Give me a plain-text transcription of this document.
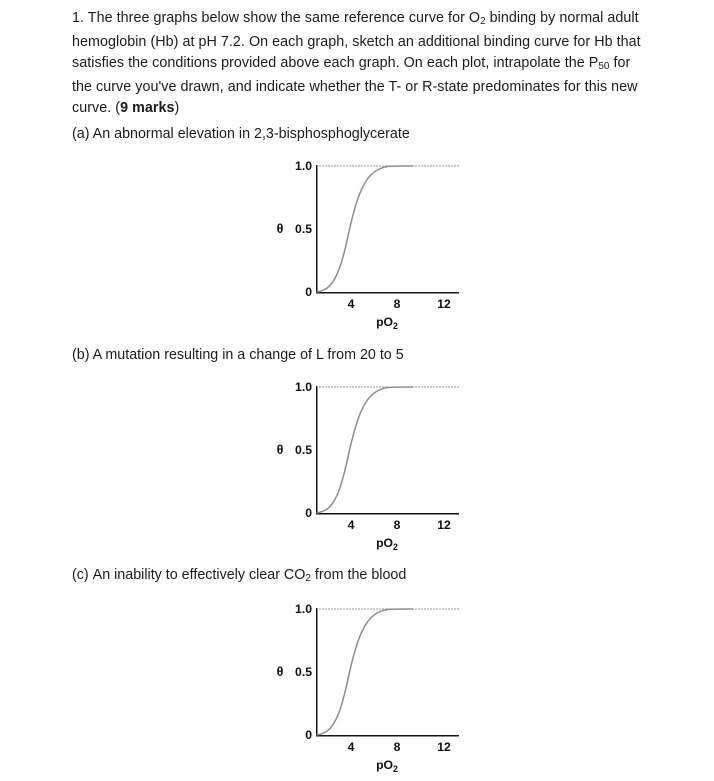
1. The three graphs below show the same reference curve for $O_2$ binding by normal adult hemoglobin (Hb) at pH 7.2. On each graph, sketch an additional binding curve for Hb that satisfies the conditions provided above each graph. On each plot, intrapolate the $P_{50}$ for the curve you've drawn, and indicate whether the T- or R-state predominates for this new curve. (9 marks)
(a) An abnormal elevation in 2,3-bisphosphoglycerate
1.0
0.5
0
θ
4	8	12
$pO_2$
(b) A mutation resulting in a change of L from 20 to 5
1.0
0.5
0
θ
4	8	12
$pO_2$
(c) An inability to effectively clear $CO_2$ from the blood
1.0
0.5
0
θ
4	8	12
$pO_2$
